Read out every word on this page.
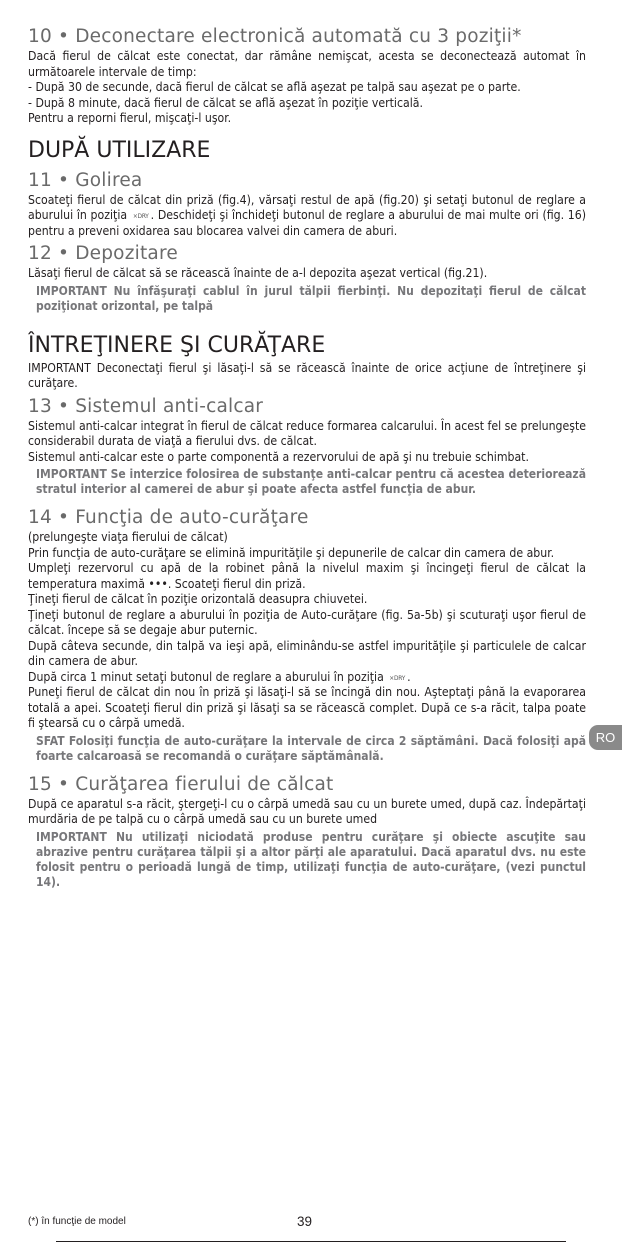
10 • Deconectare electronică automată cu 3 poziţii*

Dacă fierul de călcat este conectat, dar rămâne nemişcat, acesta se deconectează automat în următoarele intervale de timp:
- După 30 de secunde, dacă fierul de călcat se află aşezat pe talpă sau aşezat pe o parte.
- După 8 minute, dacă fierul de călcat se află aşezat în poziţie verticală.
Pentru a reporni fierul, mişcaţi-l uşor.

DUPĂ UTILIZARE
11 • Golirea

Scoateţi fierul de călcat din priză (fig.4), vărsaţi restul de apă (fig.20) şi setaţi butonul de reglare a aburului în poziţia ⨯DRY . Deschideţi şi închideţi butonul de reglare a aburului de mai multe ori (fig. 16) pentru a preveni oxidarea sau blocarea valvei din camera de aburi.

12 • Depozitare

Lăsaţi fierul de călcat să se răcească înainte de a-l depozita aşezat vertical (fig.21).

IMPORTANT Nu înfăşuraţi cablul în jurul tălpii fierbinţi. Nu depozitaţi fierul de călcat poziţionat orizontal, pe talpă

ÎNTREŢINERE ŞI CURĂŢARE

IMPORTANT Deconectaţi fierul şi lăsaţi-l să se răcească înainte de orice acţiune de întreţinere şi curăţare.

13 • Sistemul anti-calcar

Sistemul anti-calcar integrat în fierul de călcat reduce formarea calcarului. În acest fel se prelungeşte considerabil durata de viaţă a fierului dvs. de călcat.
Sistemul anti-calcar este o parte componentă a rezervorului de apă şi nu trebuie schimbat.

IMPORTANT Se interzice folosirea de substanţe anti-calcar pentru că acestea deteriorează stratul interior al camerei de abur şi poate afecta astfel funcţia de abur.

14 • Funcţia de auto-curăţare

(prelungeşte viaţa fierului de călcat)
Prin funcţia de auto-curăţare se elimină impurităţile şi depunerile de calcar din camera de abur.
Umpleţi rezervorul cu apă de la robinet până la nivelul maxim şi încingeţi fierul de călcat la temperatura maximă •••. Scoateţi fierul din priză.
Ţineţi fierul de călcat în poziţie orizontală deasupra chiuvetei.
Ţineţi butonul de reglare a aburului în poziţia de Auto-curăţare (fig. 5a-5b) şi scuturaţi uşor fierul de călcat. începe să se degaje abur puternic.
După câteva secunde, din talpă va ieşi apă, eliminându-se astfel impurităţile şi particulele de calcar din camera de abur.
După circa 1 minut setaţi butonul de reglare a aburului în poziţia ⨯DRY .
Puneţi fierul de călcat din nou în priză şi lăsaţi-l să se încingă din nou. Aşteptaţi până la evaporarea totală a apei. Scoateţi fierul din priză şi lăsaţi sa se răcească complet. După ce s-a răcit, talpa poate fi ştearsă cu o cârpă umedă.

SFAT Folosiţi funcţia de auto-curăţare la intervale de circa 2 săptămâni. Dacă folosiţi apă foarte calcaroasă se recomandă o curăţare săptămânală.

15 • Curăţarea fierului de călcat

După ce aparatul s-a răcit, ştergeţi-l cu o cârpă umedă sau cu un burete umed, după caz. Îndepărtaţi murdăria de pe talpă cu o cârpă umedă sau cu un burete umed

IMPORTANT Nu utilizaţi niciodată produse pentru curăţare şi obiecte ascuţite sau abrazive pentru curăţarea tălpii şi a altor părţi ale aparatului. Dacă aparatul dvs. nu este folosit pentru o perioadă lungă de timp, utilizaţi funcţia de auto-curăţare, (vezi punctul 14).

RO
(*) în funcţie de model	39
